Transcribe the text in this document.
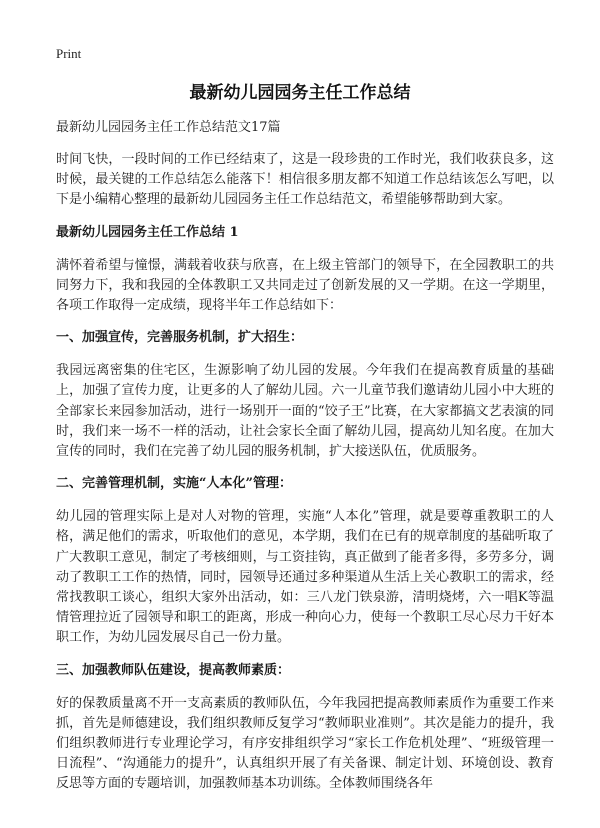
Print
最新幼儿园园务主任工作总结
最新幼儿园园务主任工作总结范文17篇

时间飞快，一段时间的工作已经结束了，这是一段珍贵的工作时光，我们收获良多，这时候，最关键的工作总结怎么能落下！相信很多朋友都不知道工作总结该怎么写吧，以下是小编精心整理的最新幼儿园园务主任工作总结范文，希望能够帮助到大家。

最新幼儿园园务主任工作总结 1

满怀着希望与憧憬，满载着收获与欣喜，在上级主管部门的领导下，在全园教职工的共同努力下，我和我园的全体教职工又共同走过了创新发展的又一学期。在这一学期里，各项工作取得一定成绩，现将半年工作总结如下：

一、加强宣传，完善服务机制，扩大招生：

我园远离密集的住宅区，生源影响了幼儿园的发展。今年我们在提高教育质量的基础上，加强了宣传力度，让更多的人了解幼儿园。六一儿童节我们邀请幼儿园小中大班的全部家长来园参加活动，进行一场别开一面的“饺子王”比赛，在大家都搞文艺表演的同时，我们来一场不一样的活动，让社会家长全面了解幼儿园，提高幼儿知名度。在加大宣传的同时，我们在完善了幼儿园的服务机制，扩大接送队伍，优质服务。

二、完善管理机制，实施“人本化”管理：

幼儿园的管理实际上是对人对物的管理，实施“人本化”管理，就是要尊重教职工的人格，满足他们的需求，听取他们的意见，本学期，我们在已有的规章制度的基础听取了广大教职工意见，制定了考核细则，与工资挂钩，真正做到了能者多得，多劳多分，调动了教职工工作的热情，同时，园领导还通过多种渠道从生活上关心教职工的需求，经常找教职工谈心，组织大家外出活动，如：三八龙门铁泉游，清明烧烤，六一唱K等温情管理拉近了园领导和职工的距离，形成一种向心力，使每一个教职工尽心尽力干好本职工作，为幼儿园发展尽自己一份力量。

三、加强教师队伍建设，提高教师素质：

好的保教质量离不开一支高素质的教师队伍，今年我园把提高教师素质作为重要工作来抓，首先是师德建设，我们组织教师反复学习“教师职业准则”。其次是能力的提升，我们组织教师进行专业理论学习，有序安排组织学习“家长工作危机处理”、“班级管理一日流程”、“沟通能力的提升”，认真组织开展了有关备课、制定计划、环境创设、教育反思等方面的专题培训，加强教师基本功训练。全体教师围绕各年
